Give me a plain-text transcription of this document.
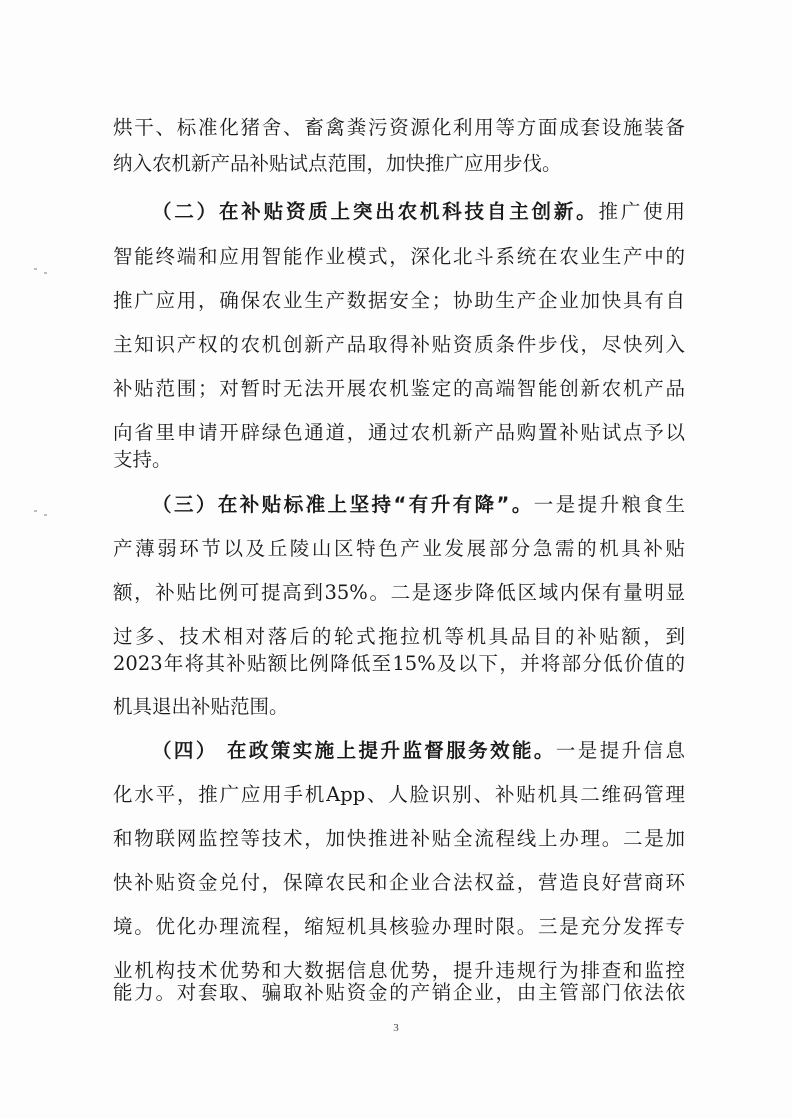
烘干、标准化猪舍、畜禽粪污资源化利用等方面成套设施装备
纳入农机新产品补贴试点范围，加快推广应用步伐。
（二）在补贴资质上突出农机科技自主创新。推广使用
智能终端和应用智能作业模式，深化北斗系统在农业生产中的
推广应用，确保农业生产数据安全；协助生产企业加快具有自
主知识产权的农机创新产品取得补贴资质条件步伐，尽快列入
补贴范围；对暂时无法开展农机鉴定的高端智能创新农机产品
向省里申请开辟绿色通道，通过农机新产品购置补贴试点予以
支持。
（三）在补贴标准上坚持“有升有降”。一是提升粮食生
产薄弱环节以及丘陵山区特色产业发展部分急需的机具补贴
额，补贴比例可提高到35%。二是逐步降低区域内保有量明显
过多、技术相对落后的轮式拖拉机等机具品目的补贴额，到
2023年将其补贴额比例降低至15%及以下，并将部分低价值的
机具退出补贴范围。
（四） 在政策实施上提升监督服务效能。一是提升信息
化水平，推广应用手机App、人脸识别、补贴机具二维码管理
和物联网监控等技术，加快推进补贴全流程线上办理。二是加
快补贴资金兑付，保障农民和企业合法权益，营造良好营商环
境。优化办理流程，缩短机具核验办理时限。三是充分发挥专
业机构技术优势和大数据信息优势，提升违规行为排查和监控
能力。对套取、骗取补贴资金的产销企业，由主管部门依法依
3
